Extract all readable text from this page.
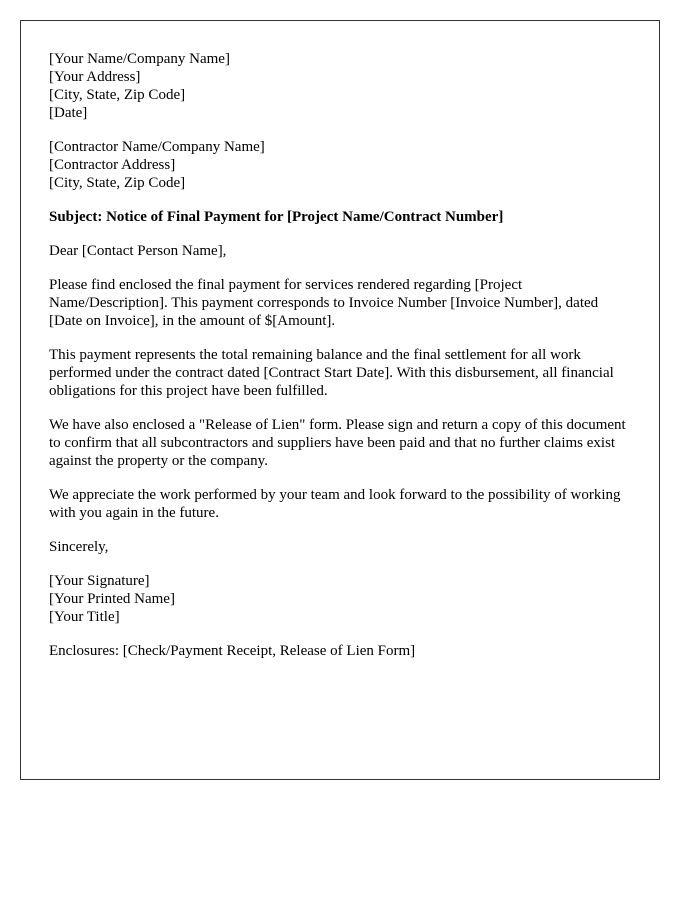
[Your Name/Company Name]
[Your Address]
[City, State, Zip Code]
[Date]
[Contractor Name/Company Name]
[Contractor Address]
[City, State, Zip Code]
Subject: Notice of Final Payment for [Project Name/Contract Number]
Dear [Contact Person Name],
Please find enclosed the final payment for services rendered regarding [Project Name/Description]. This payment corresponds to Invoice Number [Invoice Number], dated [Date on Invoice], in the amount of $[Amount].
This payment represents the total remaining balance and the final settlement for all work performed under the contract dated [Contract Start Date]. With this disbursement, all financial obligations for this project have been fulfilled.
We have also enclosed a "Release of Lien" form. Please sign and return a copy of this document to confirm that all subcontractors and suppliers have been paid and that no further claims exist against the property or the company.
We appreciate the work performed by your team and look forward to the possibility of working with you again in the future.
Sincerely,
[Your Signature]
[Your Printed Name]
[Your Title]
Enclosures: [Check/Payment Receipt, Release of Lien Form]
